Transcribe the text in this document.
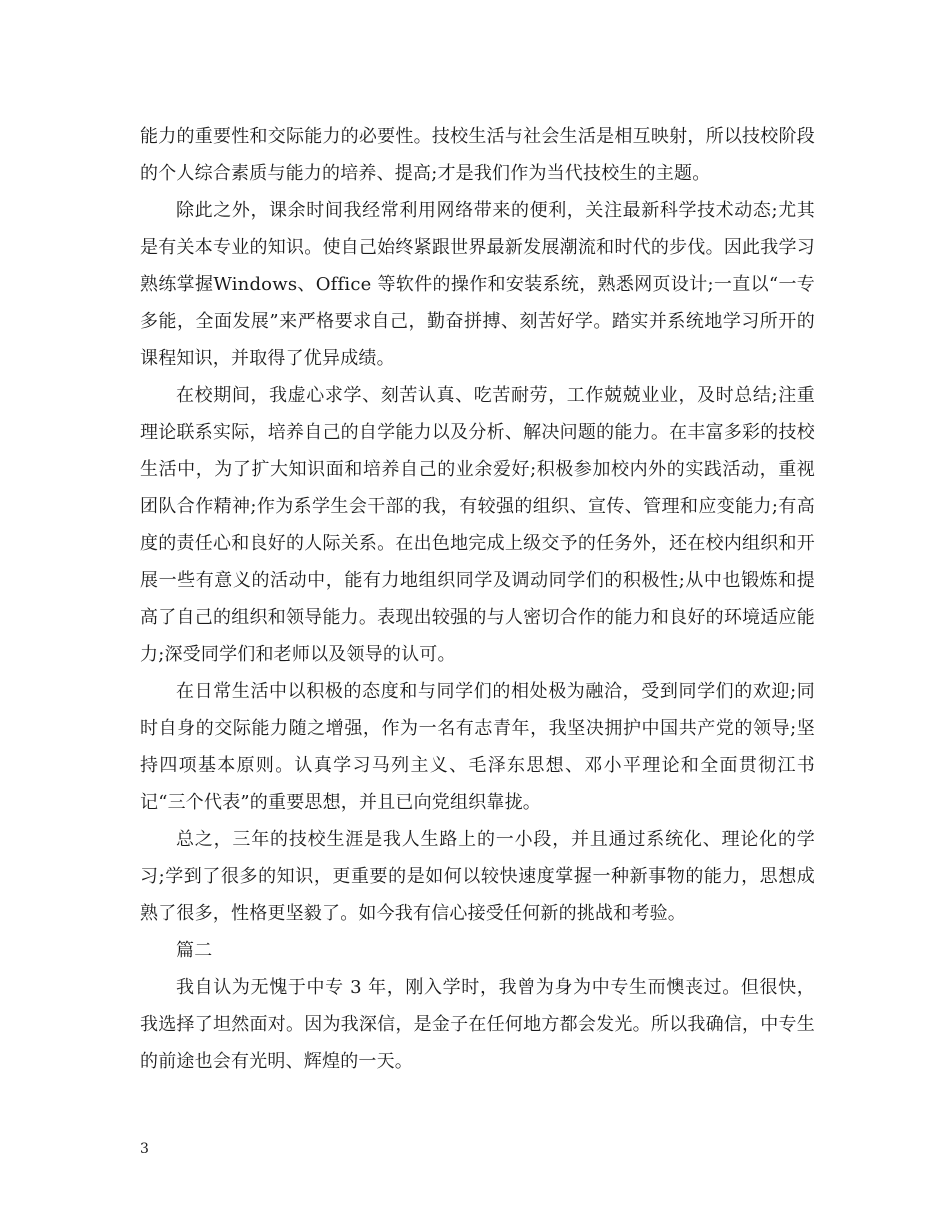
能力的重要性和交际能力的必要性。技校生活与社会生活是相互映射，所以技校阶段的个人综合素质与能力的培养、提高;才是我们作为当代技校生的主题。

除此之外，课余时间我经常利用网络带来的便利，关注最新科学技术动态;尤其是有关本专业的知识。使自己始终紧跟世界最新发展潮流和时代的步伐。因此我学习熟练掌握Windows、Office 等软件的操作和安装系统，熟悉网页设计;一直以“一专多能，全面发展”来严格要求自己，勤奋拼搏、刻苦好学。踏实并系统地学习所开的课程知识，并取得了优异成绩。

在校期间，我虚心求学、刻苦认真、吃苦耐劳，工作兢兢业业，及时总结;注重理论联系实际，培养自己的自学能力以及分析、解决问题的能力。在丰富多彩的技校生活中，为了扩大知识面和培养自己的业余爱好;积极参加校内外的实践活动，重视团队合作精神;作为系学生会干部的我，有较强的组织、宣传、管理和应变能力;有高度的责任心和良好的人际关系。在出色地完成上级交予的任务外，还在校内组织和开展一些有意义的活动中，能有力地组织同学及调动同学们的积极性;从中也锻炼和提高了自己的组织和领导能力。表现出较强的与人密切合作的能力和良好的环境适应能力;深受同学们和老师以及领导的认可。

在日常生活中以积极的态度和与同学们的相处极为融洽，受到同学们的欢迎;同时自身的交际能力随之增强，作为一名有志青年，我坚决拥护中国共产党的领导;坚持四项基本原则。认真学习马列主义、毛泽东思想、邓小平理论和全面贯彻江书记“三个代表”的重要思想，并且已向党组织靠拢。

总之，三年的技校生涯是我人生路上的一小段，并且通过系统化、理论化的学习;学到了很多的知识，更重要的是如何以较快速度掌握一种新事物的能力，思想成熟了很多，性格更坚毅了。如今我有信心接受任何新的挑战和考验。

篇二

我自认为无愧于中专 3 年，刚入学时，我曾为身为中专生而懊丧过。但很快，我选择了坦然面对。因为我深信，是金子在任何地方都会发光。所以我确信，中专生的前途也会有光明、辉煌的一天。

3
